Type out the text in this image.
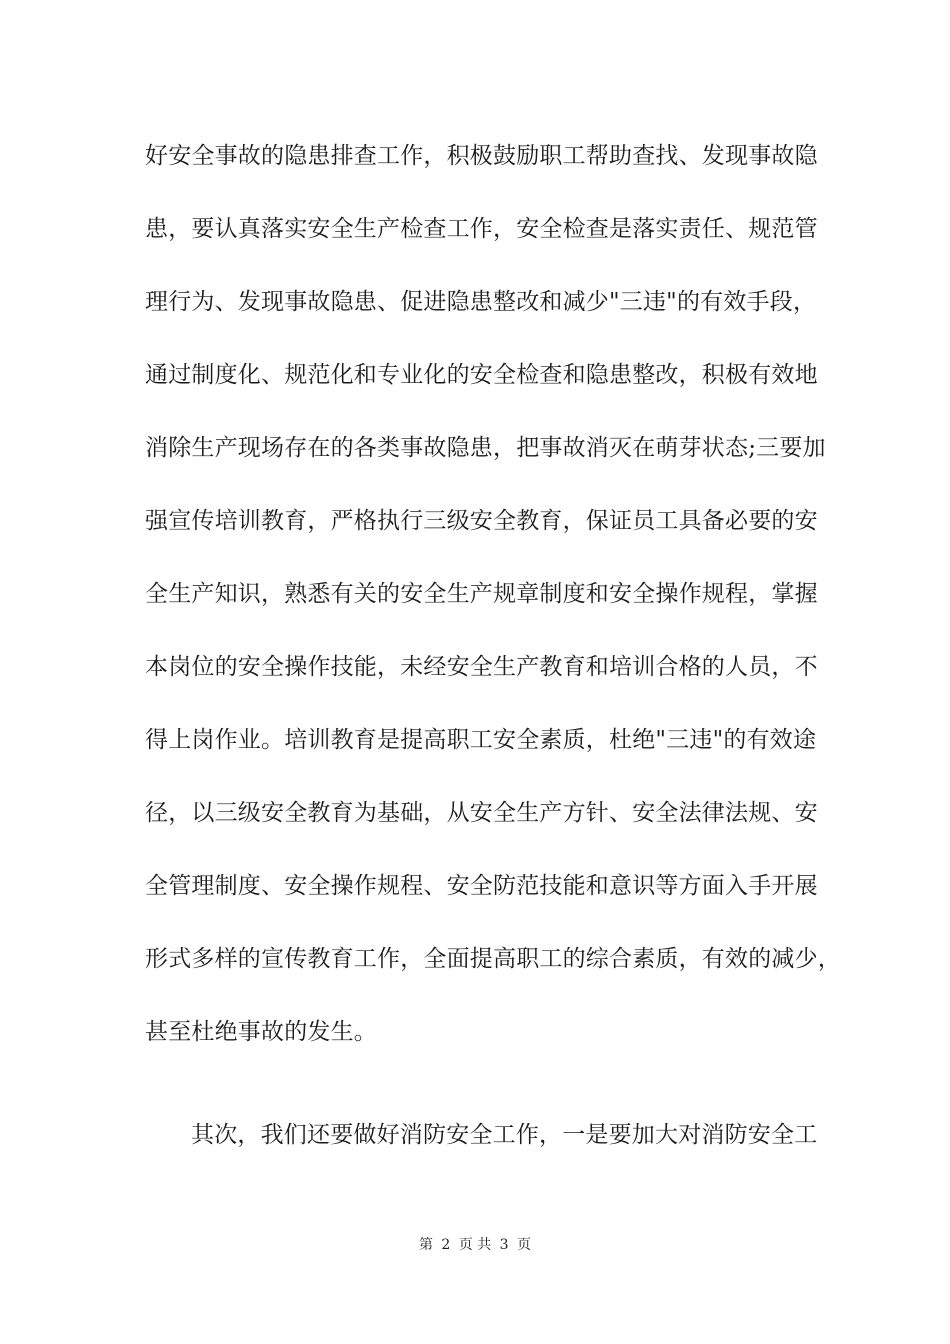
好安全事故的隐患排查工作，积极鼓励职工帮助查找、发现事故隐
患，要认真落实安全生产检查工作，安全检查是落实责任、规范管
理行为、发现事故隐患、促进隐患整改和减少"三违"的有效手段，
通过制度化、规范化和专业化的安全检查和隐患整改，积极有效地
消除生产现场存在的各类事故隐患，把事故消灭在萌芽状态;三要加
强宣传培训教育，严格执行三级安全教育，保证员工具备必要的安
全生产知识，熟悉有关的安全生产规章制度和安全操作规程，掌握
本岗位的安全操作技能，未经安全生产教育和培训合格的人员，不
得上岗作业。培训教育是提高职工安全素质，杜绝"三违"的有效途
径，以三级安全教育为基础，从安全生产方针、安全法律法规、安
全管理制度、安全操作规程、安全防范技能和意识等方面入手开展
形式多样的宣传教育工作，全面提高职工的综合素质，有效的减少，
甚至杜绝事故的发生。
其次，我们还要做好消防安全工作，一是要加大对消防安全工
第 2 页 共 3 页
